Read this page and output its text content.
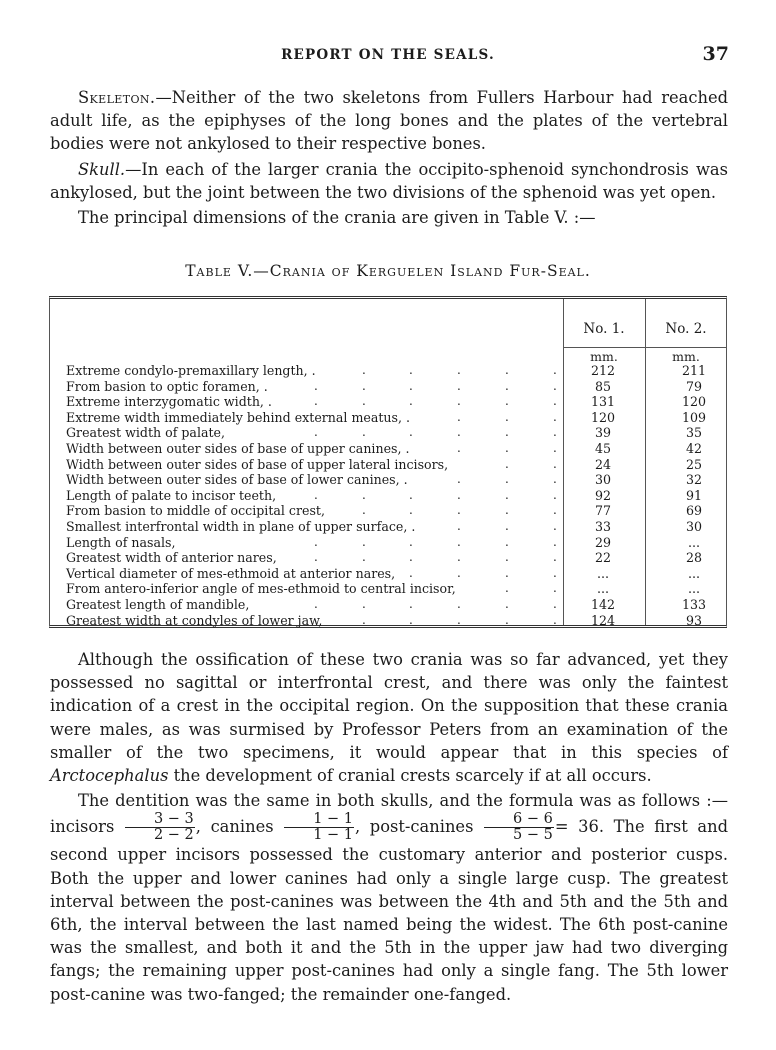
REPORT ON THE SEALS.	37

Skeleton.—Neither of the two skeletons from Fullers Harbour had reached adult life, as the epiphyses of the long bones and the plates of the vertebral bodies were not ankylosed to their respective bones.

Skull.—In each of the larger crania the occipito-sphenoid synchondrosis was ankylosed, but the joint between the two divisions of the sphenoid was yet open.

The principal dimensions of the crania are given in Table V. :—

Table V.—Crania of Kerguelen Island Fur-Seal.
No. 1.	No. 2.
mm.	mm.
.	.	.	.	.
Extreme condylo-premaxillary length, .	212	211
.	.	.	.	.	.
From basion to optic foramen, .	85	79
.	.	.	.	.	.
Extreme interzygomatic width, .	131	120
.	.	.
Extreme width immediately behind external meatus, .	120	109
.	.	.	.	.	.
Greatest width of palate,	39	35
.	.	.
Width between outer sides of base of upper canines, .	45	42
.	.
Width between outer sides of base of upper lateral incisors,	24	25
.	.	.
Width between outer sides of base of lower canines, .	30	32
.	.	.	.	.	.
Length of palate to incisor teeth,	92	91
.	.	.	.	.
From basion to middle of occipital crest,	77	69
.	.	.
Smallest interfrontal width in plane of upper surface, .	33	30
.	.	.	.	.	.
Length of nasals,	29	...
.	.	.	.	.	.
Greatest width of anterior nares,	22	28
.	.	.	.
Vertical diameter of mes-ethmoid at anterior nares,	...	...
.	.
From antero-inferior angle of mes-ethmoid to central incisor,	...	...
.	.	.	.	.	.
Greatest length of mandible,	142	133
.	.	.	.	.
Greatest width at condyles of lower jaw,	124	93

Although the ossification of these two crania was so far advanced, yet they possessed no sagittal or interfrontal crest, and there was only the faintest indication of a crest in the occipital region. On the supposition that these crania were males, as was surmised by Professor Peters from an examination of the smaller of the two specimens, it would appear that in this species of Arctocephalus the development of cranial crests scarcely if at all occurs.

The dentition was the same in both skulls, and the formula was as follows :—incisors $\frac{3 - 3}{2 - 2}$ , canines $\frac{1 - 1}{1 - 1}$ , post-canines $\frac{6 - 6}{5 - 5} = 36$. The first and second upper incisors possessed the customary anterior and posterior cusps. Both the upper and lower canines had only a single large cusp. The greatest interval between the post-canines was between the 4th and 5th and the 5th and 6th, the interval between the last named being the widest. The 6th post-canine was the smallest, and both it and the 5th in the upper jaw had two diverging fangs; the remaining upper post-canines had only a single fang. The 5th lower post-canine was two-fanged; the remainder one-fanged.
